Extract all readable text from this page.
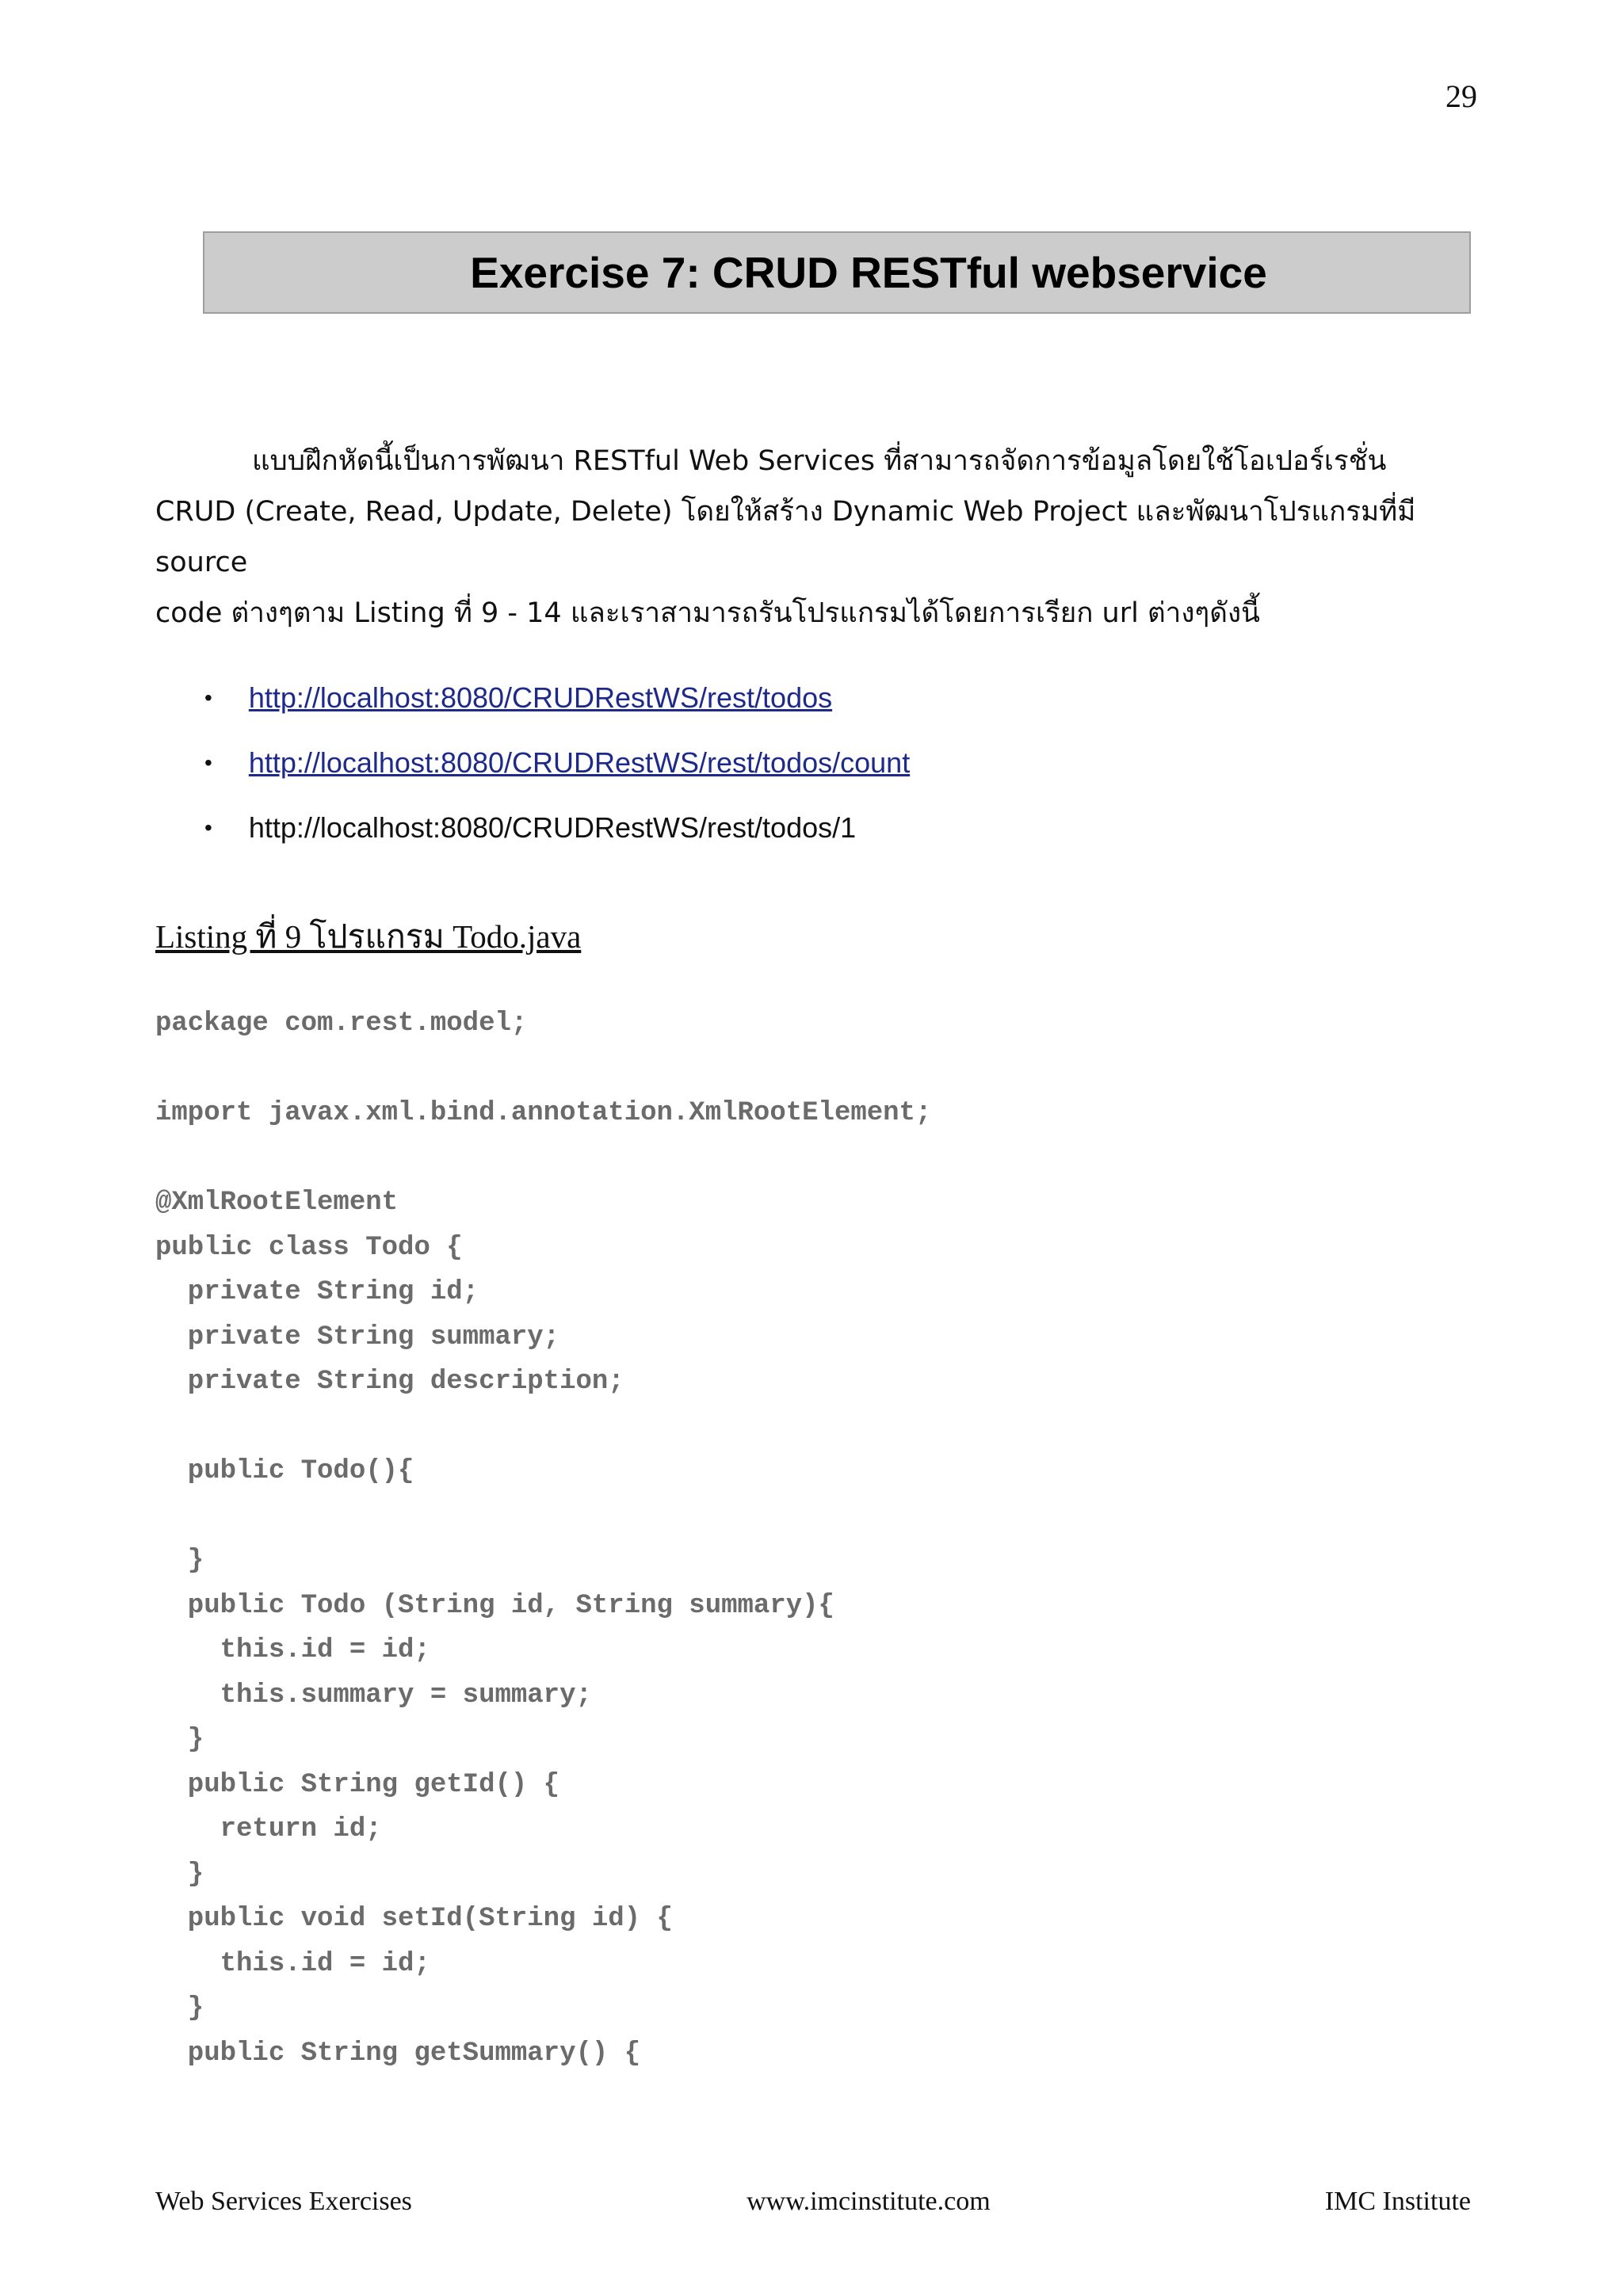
29
Exercise 7: CRUD RESTful webservice

แบบฝึกหัดนี้เป็นการพัฒนา RESTful Web Services ที่สามารถจัดการข้อมูลโดยใช้โอเปอร์เรชั่น

CRUD (Create, Read, Update, Delete) โดยให้สร้าง Dynamic Web Project และพัฒนาโปรแกรมที่มี source

code ต่างๆตาม Listing ที่ 9 - 14 และเราสามารถรันโปรแกรมได้โดยการเรียก url ต่างๆดังนี้

• http://localhost:8080/CRUDRestWS/rest/todos
• http://localhost:8080/CRUDRestWS/rest/todos/count
• http://localhost:8080/CRUDRestWS/rest/todos/1
Listing ที่ 9 โปรแกรม Todo.java
package com.rest.model;

import javax.xml.bind.annotation.XmlRootElement;

@XmlRootElement
public class Todo {
private String id;
private String summary;
private String description;

public Todo(){

}
public Todo (String id, String summary){
this.id = id;
this.summary = summary;
}
public String getId() {
return id;
}
public void setId(String id) {
this.id = id;
}
public String getSummary() {
Web Services Exercises	www.imcinstitute.com	IMC Institute
